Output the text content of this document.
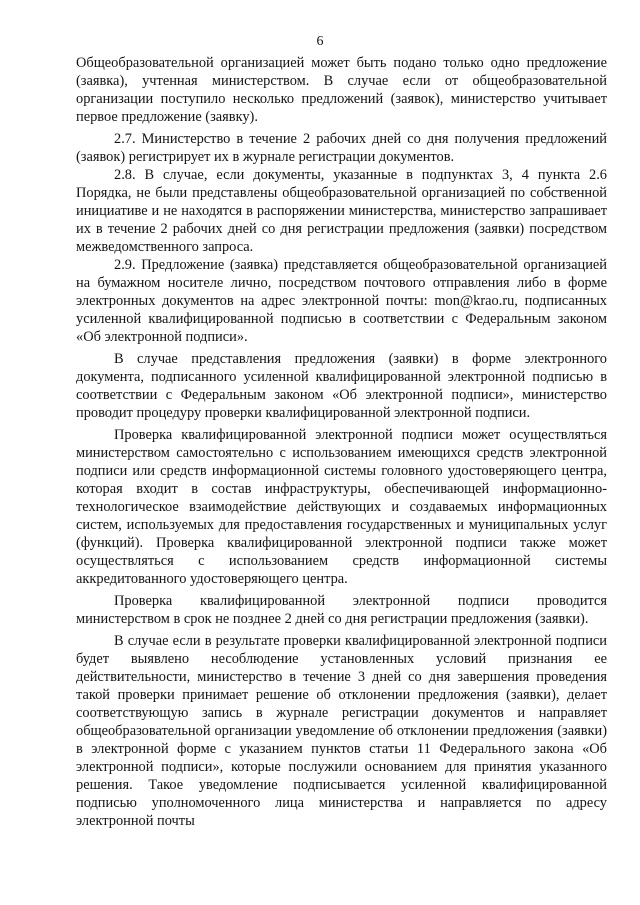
6

Общеобразовательной организацией может быть подано только одно предложение (заявка), учтенная министерством. В случае если от общеобразовательной организации поступило несколько предложений (заявок), министерство учитывает первое предложение (заявку).

2.7. Министерство в течение 2 рабочих дней со дня получения предложений (заявок) регистрирует их в журнале регистрации документов.

2.8. В случае, если документы, указанные в подпунктах 3, 4 пункта 2.6 Порядка, не были представлены общеобразовательной организацией по собственной инициативе и не находятся в распоряжении министерства, министерство запрашивает их в течение 2 рабочих дней со дня регистрации предложения (заявки) посредством межведомственного запроса.

2.9. Предложение (заявка) представляется общеобразовательной организацией на бумажном носителе лично, посредством почтового отправления либо в форме электронных документов на адрес электронной почты: mon@krao.ru, подписанных усиленной квалифицированной подписью в соответствии с Федеральным законом «Об электронной подписи».

В случае представления предложения (заявки) в форме электронного документа, подписанного усиленной квалифицированной электронной подписью в соответствии с Федеральным законом «Об электронной подписи», министерство проводит процедуру проверки квалифицированной электронной подписи.

Проверка квалифицированной электронной подписи может осуществляться министерством самостоятельно с использованием имеющихся средств электронной подписи или средств информационной системы головного удостоверяющего центра, которая входит в состав инфраструктуры, обеспечивающей информационно-технологическое взаимодействие действующих и создаваемых информационных систем, используемых для предоставления государственных и муниципальных услуг (функций). Проверка квалифицированной электронной подписи также может осуществляться с использованием средств информационной системы аккредитованного удостоверяющего центра.

Проверка квалифицированной электронной подписи проводится министерством в срок не позднее 2 дней со дня регистрации предложения (заявки).

В случае если в результате проверки квалифицированной электронной подписи будет выявлено несоблюдение установленных условий признания ее действительности, министерство в течение 3 дней со дня завершения проведения такой проверки принимает решение об отклонении предложения (заявки), делает соответствующую запись в журнале регистрации документов и направляет общеобразовательной организации уведомление об отклонении предложения (заявки) в электронной форме с указанием пунктов статьи 11 Федерального закона «Об электронной подписи», которые послужили основанием для принятия указанного решения. Такое уведомление подписывается усиленной квалифицированной подписью уполномоченного лица министерства и направляется по адресу электронной почты
